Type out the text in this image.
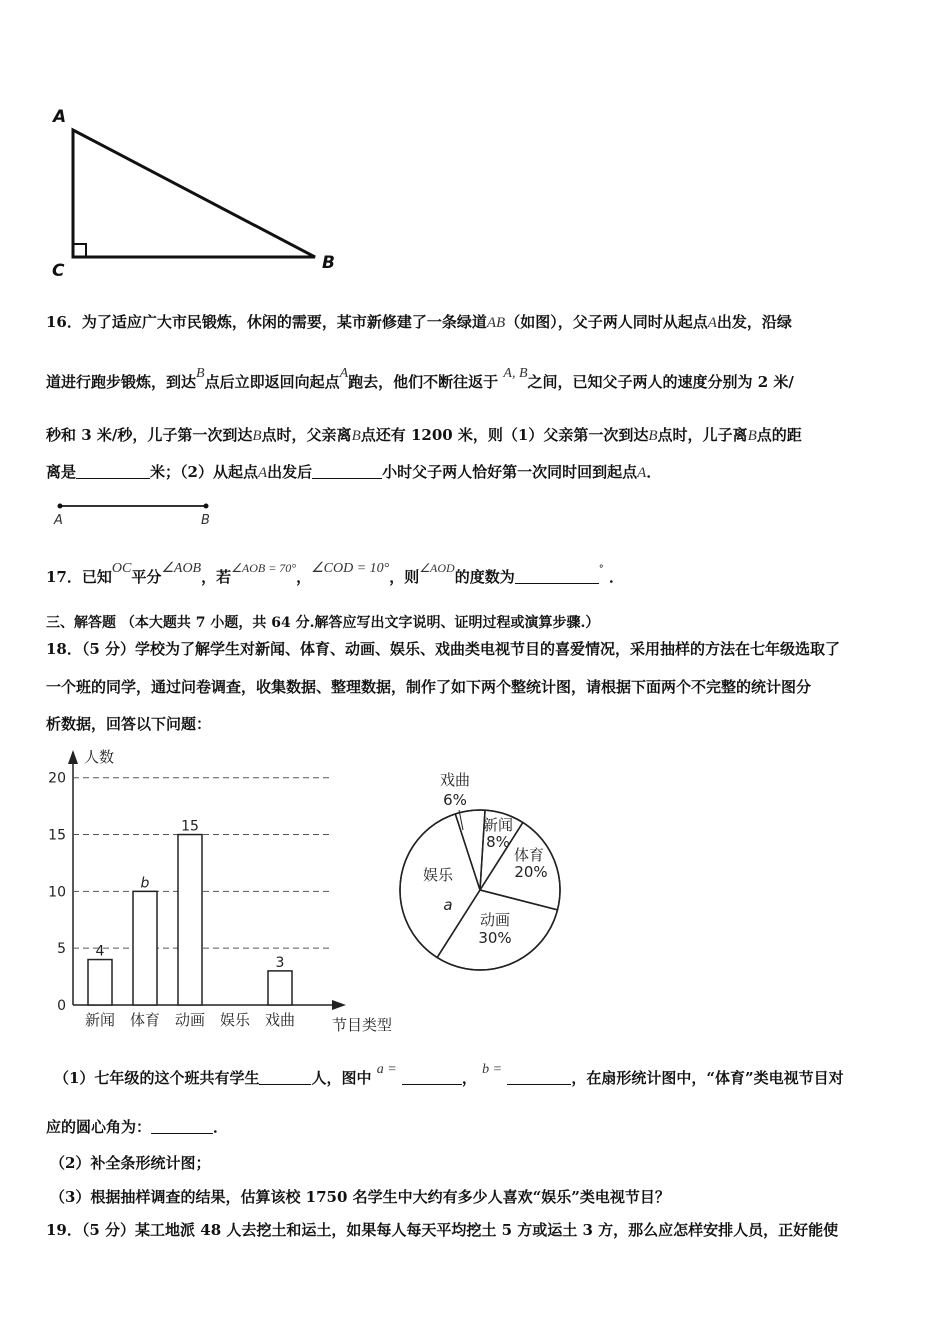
A
C	B
16．为了适应广大市民锻炼，休闲的需要，某市新修建了一条绿道AB（如图），父子两人同时从起点A出发，沿绿
道进行跑步锻炼，到达B点后立即返回向起点A跑去，他们不断往返于 A, B之间，已知父子两人的速度分别为 2 米/
秒和 3 米/秒，儿子第一次到达B点时，父亲离B点还有 1200 米，则（1）父亲第一次到达B点时，儿子离B点的距
离是	米；（2）从起点A出发后	小时父子两人恰好第一次同时回到起点A．
A	B
17．已知OC平分∠AOB，若$^{\angle AOB = 70^\circ}$，∠COD = 10°，则$^{\angle AOD}$的度数为	° ．
三、解答题 （本大题共 7 小题，共 64 分.解答应写出文字说明、证明过程或演算步骤.）
18．（5 分）学校为了解学生对新闻、体育、动画、娱乐、戏曲类电视节目的喜爱情况，采用抽样的方法在七年级选取了
一个班的同学，通过问卷调查，收集数据、整理数据，制作了如下两个整统计图，请根据下面两个不完整的统计图分
析数据，回答以下问题：
人数
节目类型
0
5
10
15
20
4
b
15
3
新闻 体育 动画 娱乐 戏曲
戏曲
6%
新闻
8%
体育
20%
动画
30%
娱乐
a
（1）七年级的这个班共有学生	人，图中 a =	， b =	，在扇形统计图中，“体育”类电视节目对
应的圆心角为：	．
（2）补全条形统计图；
（3）根据抽样调查的结果，估算该校 1750 名学生中大约有多少人喜欢“娱乐”类电视节目？
19．（5 分）某工地派 48 人去挖土和运土，如果每人每天平均挖土 5 方或运土 3 方，那么应怎样安排人员，正好能使
